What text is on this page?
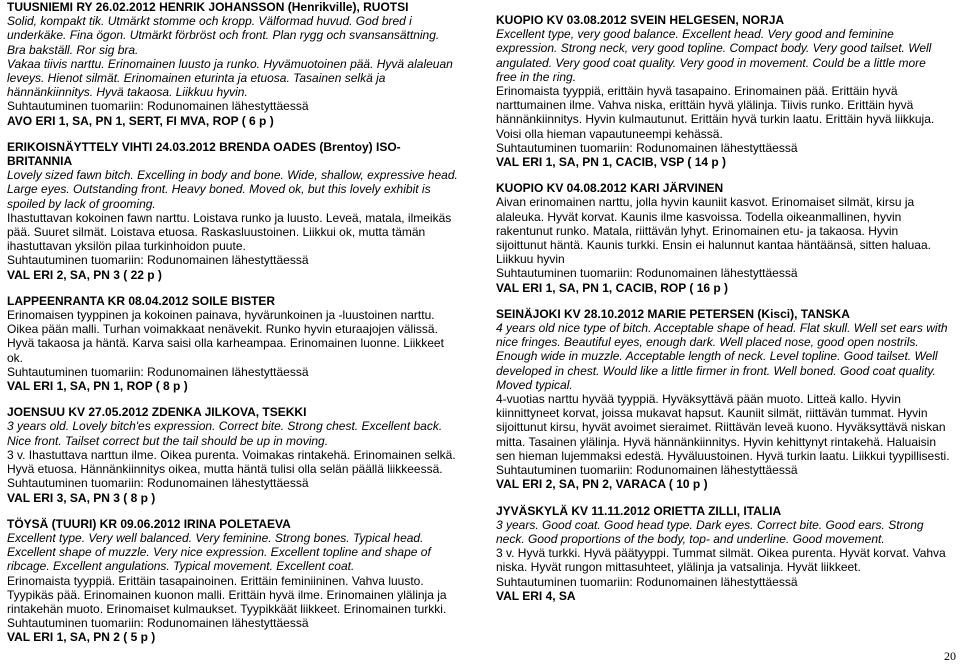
TUUSNIEMI RY 26.02.2012 HENRIK JOHANSSON (Henrikville), RUOTSI
Solid, kompakt tik. Utmärkt stomme och kropp. Välformad huvud. God bred i
underkäke. Fina ögon. Utmärkt förbröst och front. Plan rygg och svansansättning.
Bra bakställ. Ror sig bra.
Vakaa tiivis narttu. Erinomainen luusto ja runko. Hyvämuotoinen pää. Hyvä alaleuan
leveys. Hienot silmät. Erinomainen eturinta ja etuosa. Tasainen selkä ja
hännänkiinnitys. Hyvä takaosa. Liikkuu hyvin.
Suhtautuminen tuomariin: Rodunomainen lähestyttäessä
AVO ERI 1, SA, PN 1, SERT, FI MVA, ROP ( 6 p )
ERIKOISNÄYTTELY VIHTI 24.03.2012 BRENDA OADES (Brentoy) ISO-
BRITANNIA
Lovely sized fawn bitch. Excelling in body and bone. Wide, shallow, expressive head.
Large eyes. Outstanding front. Heavy boned. Moved ok, but this lovely exhibit is
spoiled by lack of grooming.
Ihastuttavan kokoinen fawn narttu. Loistava runko ja luusto. Leveä, matala, ilmeikäs
pää. Suuret silmät. Loistava etuosa. Raskasluustoinen. Liikkui ok, mutta tämän
ihastuttavan yksilön pilaa turkinhoidon puute.
Suhtautuminen tuomariin: Rodunomainen lähestyttäessä
VAL ERI 2, SA, PN 3 ( 22 p )
LAPPEENRANTA KR 08.04.2012 SOILE BISTER
Erinomaisen tyyppinen ja kokoinen painava, hyvärunkoinen ja -luustoinen narttu.
Oikea pään malli. Turhan voimakkaat nenävekit. Runko hyvin eturaajojen välissä.
Hyvä takaosa ja häntä. Karva saisi olla karheampaa. Erinomainen luonne. Liikkeet
ok.
Suhtautuminen tuomariin: Rodunomainen lähestyttäessä
VAL ERI 1, SA, PN 1, ROP ( 8 p )
JOENSUU KV 27.05.2012 ZDENKA JILKOVA, TSEKKI
3 years old. Lovely bitch'es expression. Correct bite. Strong chest. Excellent back.
Nice front. Tailset correct but the tail should be up in moving.
3 v. Ihastuttava narttun ilme. Oikea purenta. Voimakas rintakehä. Erinomainen selkä.
Hyvä etuosa. Hännänkiinnitys oikea, mutta häntä tulisi olla selän päällä liikkeessä.
Suhtautuminen tuomariin: Rodunomainen lähestyttäessä
VAL ERI 3, SA, PN 3 ( 8 p )
TÖYSÄ (TUURI) KR 09.06.2012 IRINA POLETAEVA
Excellent type. Very well balanced. Very feminine. Strong bones. Typical head.
Excellent shape of muzzle. Very nice expression. Excellent topline and shape of
ribcage. Excellent angulations. Typical movement. Excellent coat.
Erinomaista tyyppiä. Erittäin tasapainoinen. Erittäin feminiininen. Vahva luusto.
Tyypikäs pää. Erinomainen kuonon malli. Erittäin hyvä ilme. Erinomainen ylälinja ja
rintakehän muoto. Erinomaiset kulmaukset. Tyypikkäät liikkeet. Erinomainen turkki.
Suhtautuminen tuomariin: Rodunomainen lähestyttäessä
VAL ERI 1, SA, PN 2 ( 5 p )
KUOPIO KV 03.08.2012 SVEIN HELGESEN, NORJA
Excellent type, very good balance. Excellent head. Very good and feminine
expression. Strong neck, very good topline. Compact body. Very good tailset. Well
angulated. Very good coat quality. Very good in movement. Could be a little more
free in the ring.
Erinomaista tyyppiä, erittäin hyvä tasapaino. Erinomainen pää. Erittäin hyvä
narttumainen ilme. Vahva niska, erittäin hyvä ylälinja. Tiivis runko. Erittäin hyvä
hännänkiinnitys. Hyvin kulmautunut. Erittäin hyvä turkin laatu. Erittäin hyvä liikkuja.
Voisi olla hieman vapautuneempi kehässä.
Suhtautuminen tuomariin: Rodunomainen lähestyttäessä
VAL ERI 1, SA, PN 1, CACIB, VSP ( 14 p )
KUOPIO KV 04.08.2012 KARI JÄRVINEN
Aivan erinomainen narttu, jolla hyvin kauniit kasvot. Erinomaiset silmät, kirsu ja
alaleuka. Hyvät korvat. Kaunis ilme kasvoissa. Todella oikeanmallinen, hyvin
rakentunut runko. Matala, riittävän lyhyt. Erinomainen etu- ja takaosa. Hyvin
sijoittunut häntä. Kaunis turkki. Ensin ei halunnut kantaa häntäänsä, sitten haluaa.
Liikkuu hyvin
Suhtautuminen tuomariin: Rodunomainen lähestyttäessä
VAL ERI 1, SA, PN 1, CACIB, ROP ( 16 p )
SEINÄJOKI KV 28.10.2012 MARIE PETERSEN (Kisci), TANSKA
4 years old nice type of bitch. Acceptable shape of head. Flat skull. Well set ears with
nice fringes. Beautiful eyes, enough dark. Well placed nose, good open nostrils.
Enough wide in muzzle. Acceptable length of neck. Level topline. Good tailset. Well
developed in chest. Would like a little firmer in front. Well boned. Good coat quality.
Moved typical.
4-vuotias narttu hyvää tyyppiä. Hyväksyttävä pään muoto. Litteä kallo. Hyvin
kiinnittyneet korvat, joissa mukavat hapsut. Kauniit silmät, riittävän tummat. Hyvin
sijoittunut kirsu, hyvät avoimet sieraimet. Riittävän leveä kuono. Hyväksyttävä niskan
mitta. Tasainen ylälinja. Hyvä hännänkiinnitys. Hyvin kehittynyt rintakehä. Haluaisin
sen hieman lujemmaksi edestä. Hyväluustoinen. Hyvä turkin laatu. Liikkui tyypillisesti.
Suhtautuminen tuomariin: Rodunomainen lähestyttäessä
VAL ERI 2, SA, PN 2, VARACA ( 10 p )
JYVÄSKYLÄ KV 11.11.2012 ORIETTA ZILLI, ITALIA
3 years. Good coat. Good head type. Dark eyes. Correct bite. Good ears. Strong
neck. Good proportions of the body, top- and underline. Good movement.
3 v. Hyvä turkki. Hyvä päätyyppi. Tummat silmät. Oikea purenta. Hyvät korvat. Vahva
niska. Hyvät rungon mittasuhteet, ylälinja ja vatsalinja. Hyvät liikkeet.
Suhtautuminen tuomariin: Rodunomainen lähestyttäessä
VAL ERI 4, SA
20
